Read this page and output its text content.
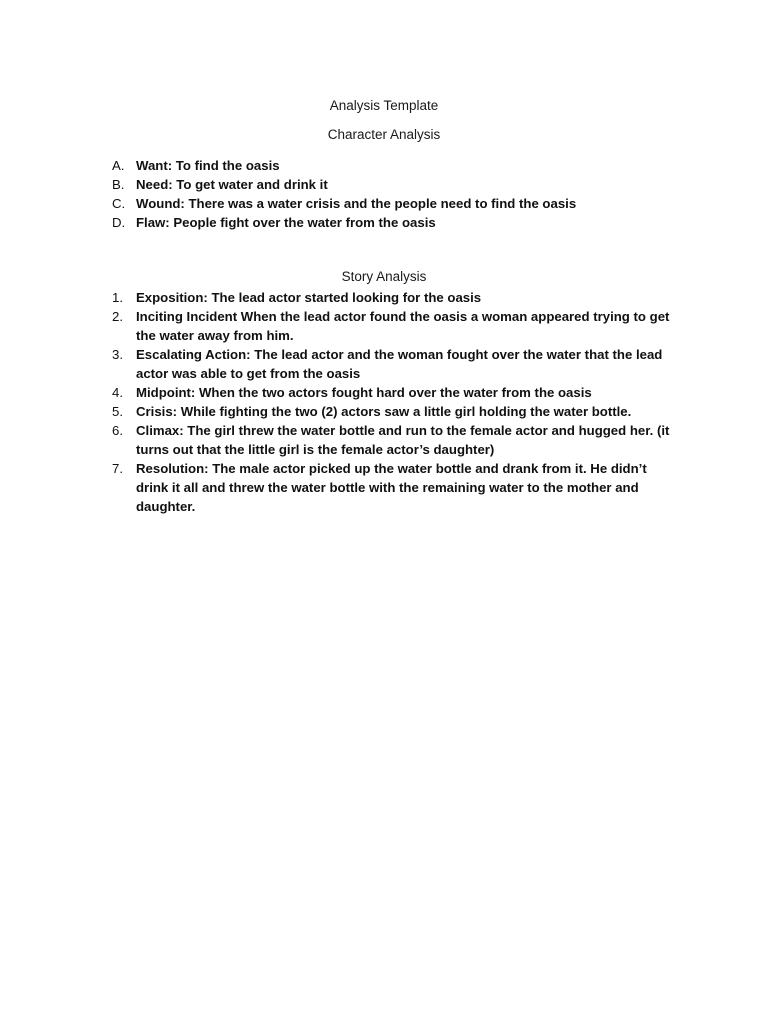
Analysis Template

Character Analysis

A. Want: To find the oasis
B. Need: To get water and drink it
C. Wound: There was a water crisis and the people need to find the oasis
D. Flaw: People fight over the water from the oasis

Story Analysis

1. Exposition: The lead actor started looking for the oasis
2. Inciting Incident When the lead actor found the oasis a woman appeared trying to get the water away from him.
3. Escalating Action: The lead actor and the woman fought over the water that the lead actor was able to get from the oasis
4. Midpoint: When the two actors fought hard over the water from the oasis
5. Crisis: While fighting the two (2) actors saw a little girl holding the water bottle.
6. Climax: The girl threw the water bottle and run to the female actor and hugged her. (it turns out that the little girl is the female actor’s daughter)
7. Resolution: The male actor picked up the water bottle and drank from it. He didn’t drink it all and threw the water bottle with the remaining water to the mother and daughter.
